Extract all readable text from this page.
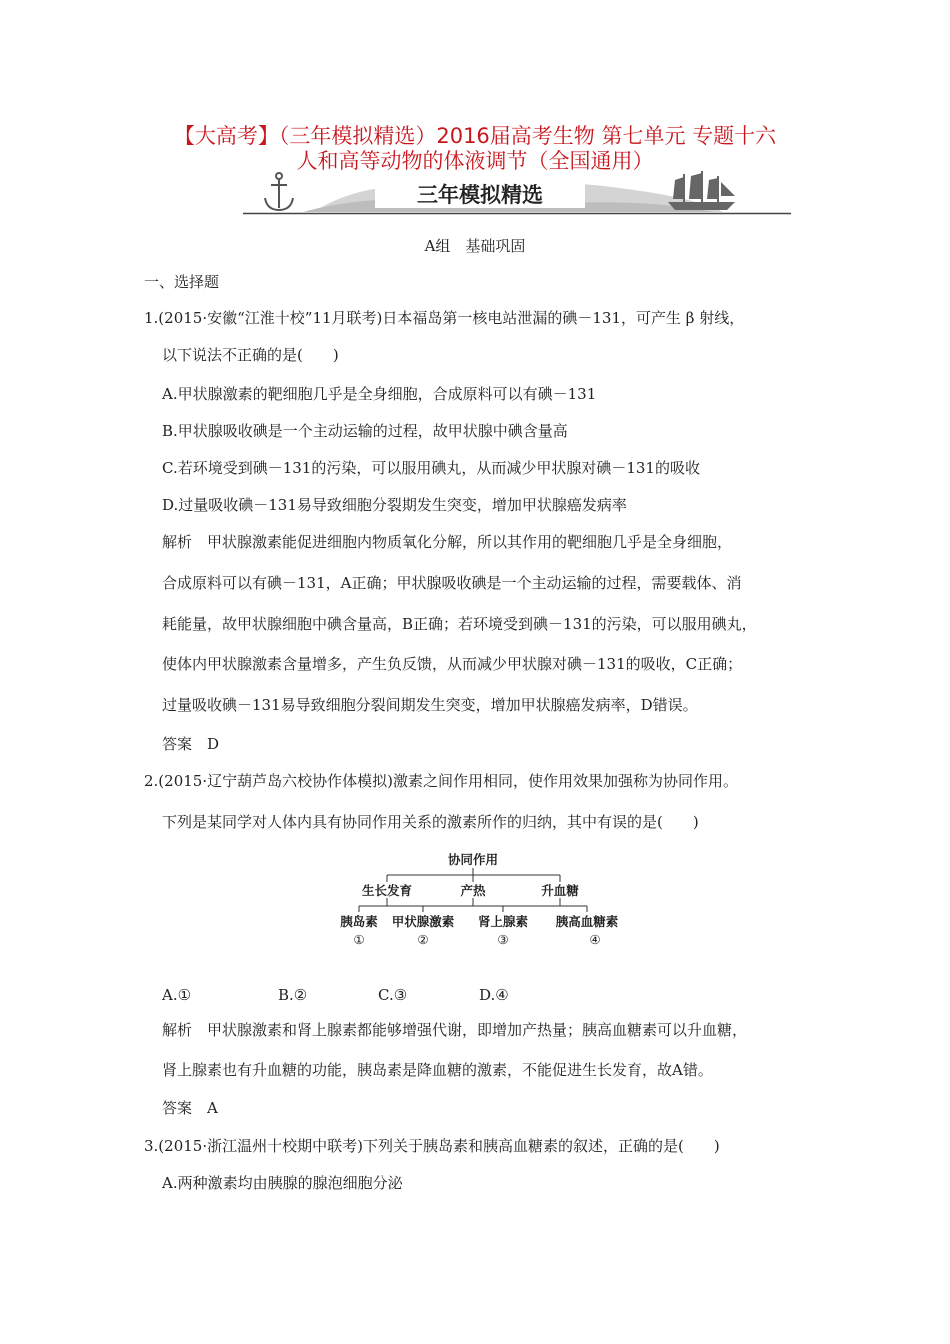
【大高考】（三年模拟精选）2016届高考生物 第七单元 专题十六
人和高等动物的体液调节（全国通用）
三年模拟精选
A组　基础巩固
一、选择题
1.(2015·安徽“江淮十校”11月联考)日本福岛第一核电站泄漏的碘－131，可产生 β 射线，
以下说法不正确的是(　　)
A.甲状腺激素的靶细胞几乎是全身细胞，合成原料可以有碘－131
B.甲状腺吸收碘是一个主动运输的过程，故甲状腺中碘含量高
C.若环境受到碘－131的污染，可以服用碘丸，从而减少甲状腺对碘－131的吸收
D.过量吸收碘－131易导致细胞分裂期发生突变，增加甲状腺癌发病率
解析　甲状腺激素能促进细胞内物质氧化分解，所以其作用的靶细胞几乎是全身细胞，
合成原料可以有碘－131，A正确；甲状腺吸收碘是一个主动运输的过程，需要载体、消
耗能量，故甲状腺细胞中碘含量高，B正确；若环境受到碘－131的污染，可以服用碘丸，
使体内甲状腺激素含量增多，产生负反馈，从而减少甲状腺对碘－131的吸收，C正确；
过量吸收碘－131易导致细胞分裂间期发生突变，增加甲状腺癌发病率，D错误。
答案　D
2.(2015·辽宁葫芦岛六校协作体模拟)激素之间作用相同，使作用效果加强称为协同作用。
下列是某同学对人体内具有协同作用关系的激素所作的归纳，其中有误的是(　　)
协同作用
生长发育	产热	升血糖
胰岛素 甲状腺激素 肾上腺素 胰高血糖素
①	②	③	④
A.①	B.②	C.③	D.④
解析　甲状腺激素和肾上腺素都能够增强代谢，即增加产热量；胰高血糖素可以升血糖，
肾上腺素也有升血糖的功能，胰岛素是降血糖的激素，不能促进生长发育，故A错。
答案　A
3.(2015·浙江温州十校期中联考)下列关于胰岛素和胰高血糖素的叙述，正确的是(　　)
A.两种激素均由胰腺的腺泡细胞分泌
